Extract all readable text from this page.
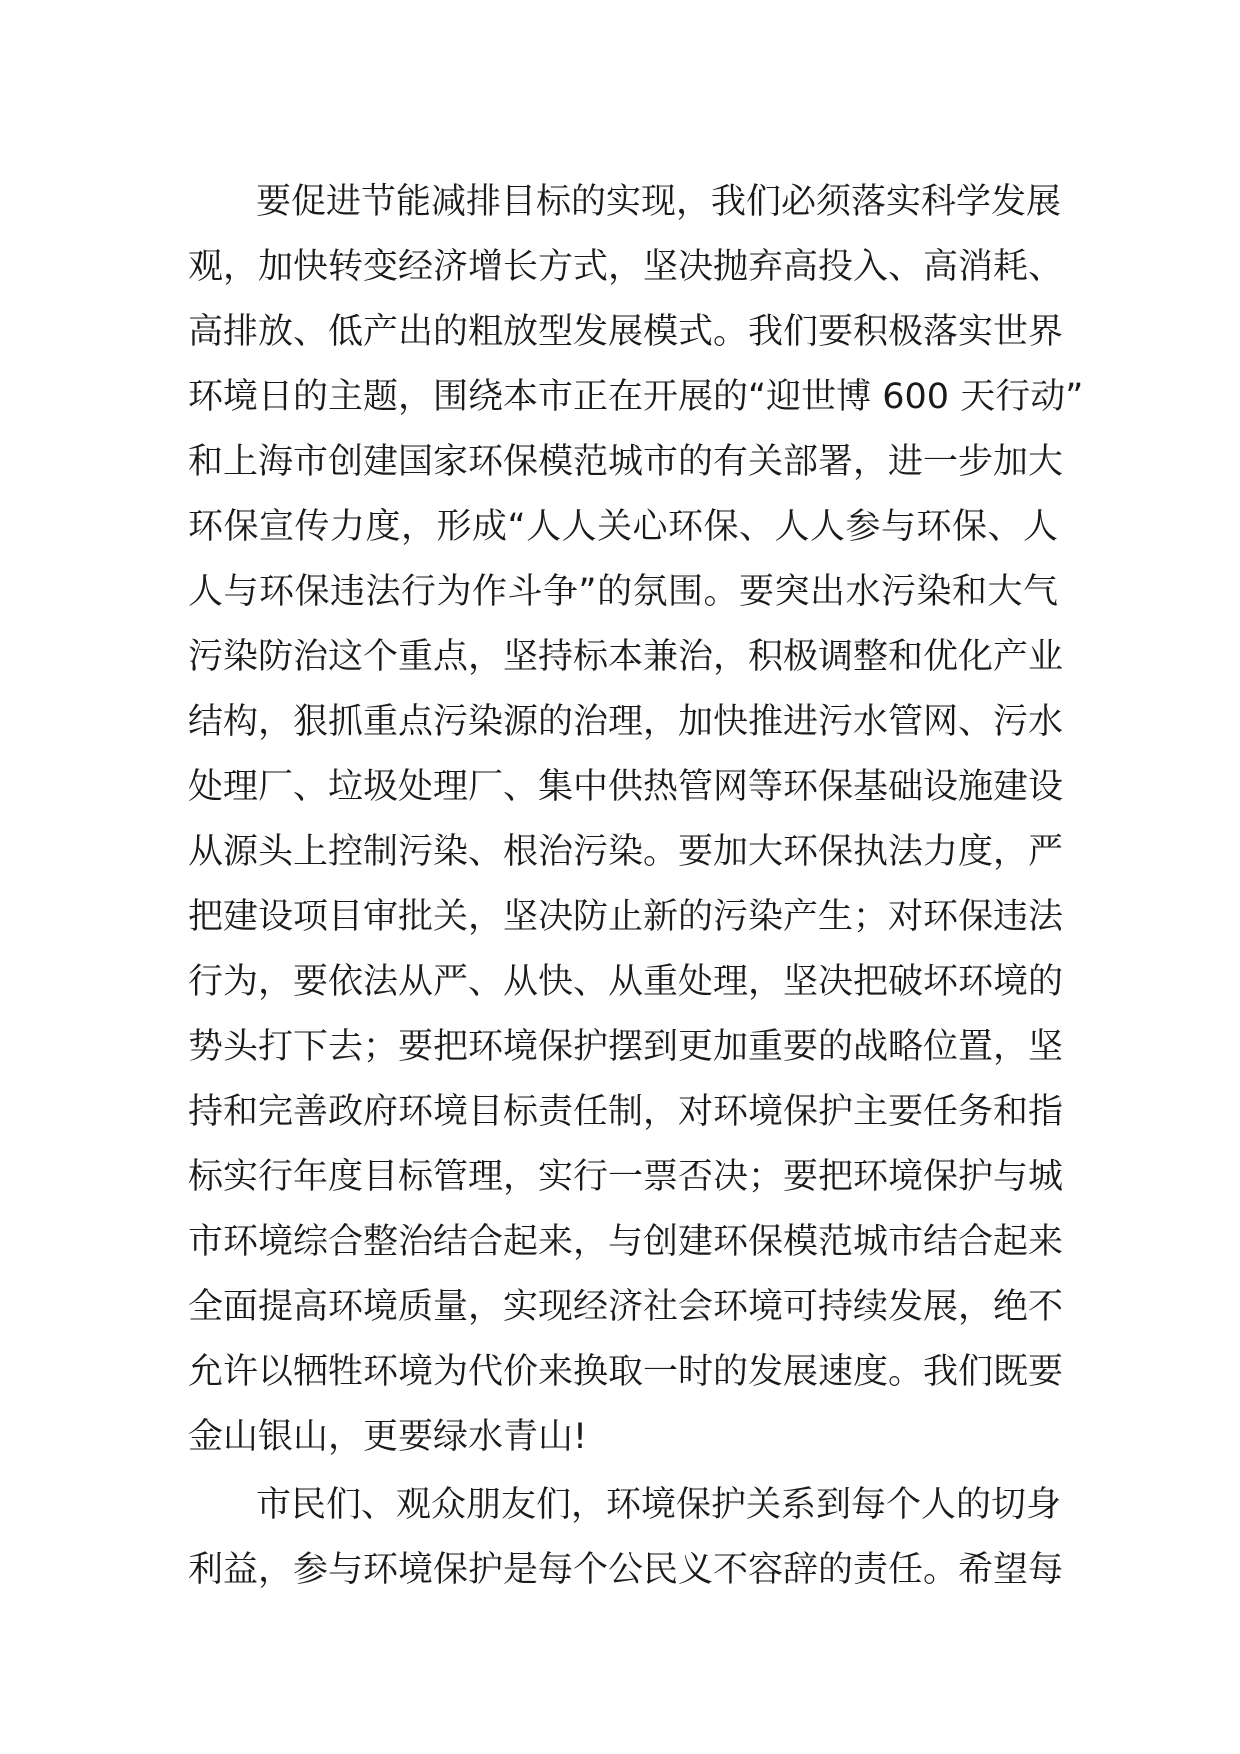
要促进节能减排目标的实现，我们必须落实科学发展
观，加快转变经济增长方式，坚决抛弃高投入、高消耗、
高排放、低产出的粗放型发展模式。我们要积极落实世界
环境日的主题，围绕本市正在开展的“迎世博 600 天行动”
和上海市创建国家环保模范城市的有关部署，进一步加大
环保宣传力度，形成“人人关心环保、人人参与环保、人
人与环保违法行为作斗争”的氛围。要突出水污染和大气
污染防治这个重点，坚持标本兼治，积极调整和优化产业
结构，狠抓重点污染源的治理，加快推进污水管网、污水
处理厂、垃圾处理厂、集中供热管网等环保基础设施建设
从源头上控制污染、根治污染。要加大环保执法力度，严
把建设项目审批关，坚决防止新的污染产生；对环保违法
行为，要依法从严、从快、从重处理，坚决把破坏环境的
势头打下去；要把环境保护摆到更加重要的战略位置，坚
持和完善政府环境目标责任制，对环境保护主要任务和指
标实行年度目标管理，实行一票否决；要把环境保护与城
市环境综合整治结合起来，与创建环保模范城市结合起来
全面提高环境质量，实现经济社会环境可持续发展，绝不
允许以牺牲环境为代价来换取一时的发展速度。我们既要
金山银山，更要绿水青山!
市民们、观众朋友们，环境保护关系到每个人的切身
利益，参与环境保护是每个公民义不容辞的责任。希望每
